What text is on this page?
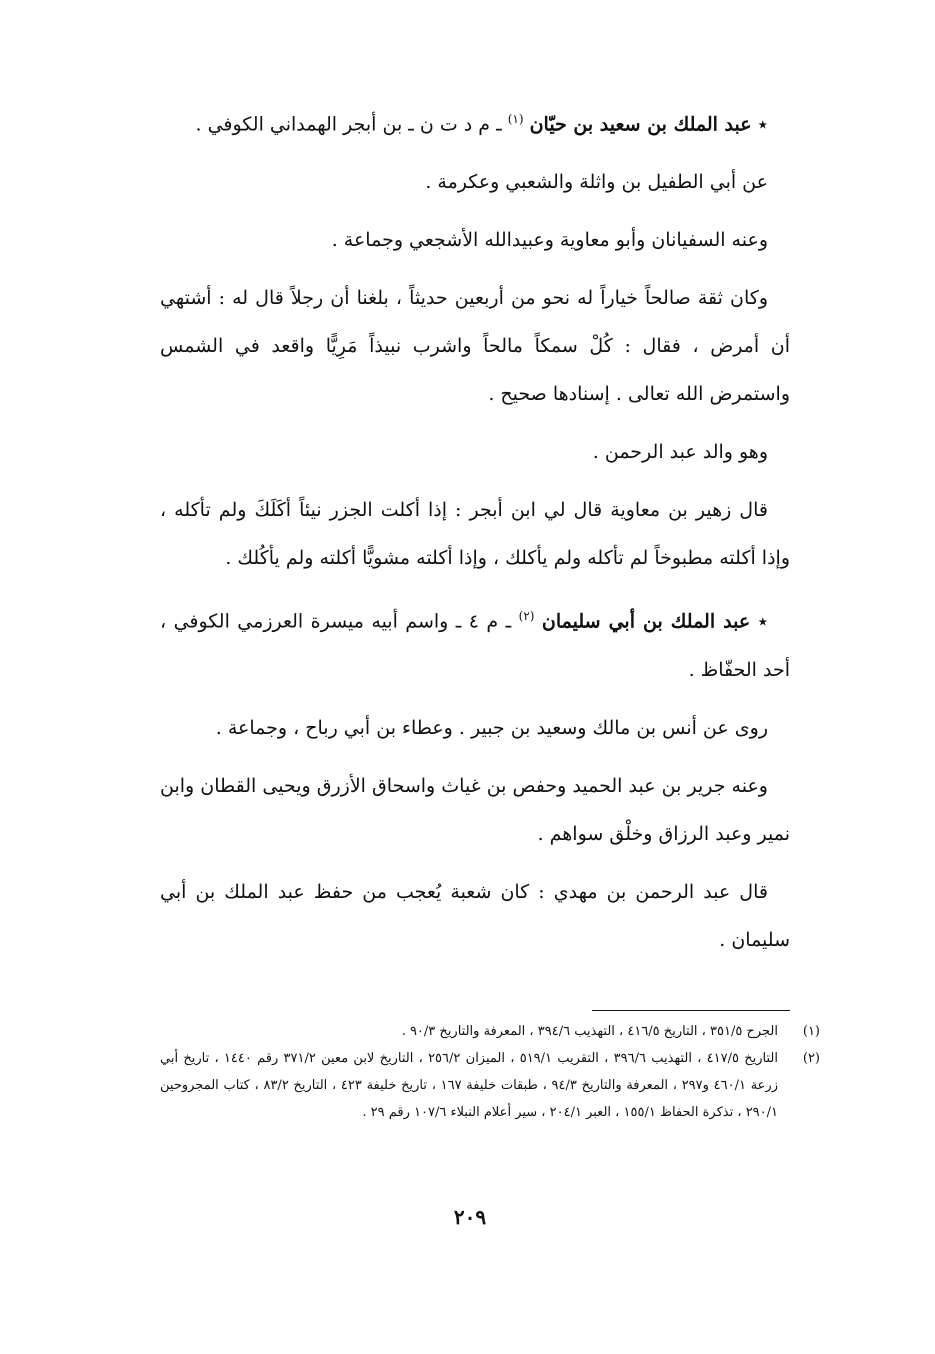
٭ عبد الملك بن سعيد بن حيّان $^{(١)}$ ـ م د ت ن ـ بن أبجر الهمداني الكوفي .

عن أبي الطفيل بن واثلة والشعبي وعكرمة .

وعنه السفيانان وأبو معاوية وعبيدالله الأشجعي وجماعة .

وكان ثقة صالحاً خياراً له نحو من أربعين حديثاً ، بلغنا أن رجلاً قال له : أشتهي أن أمرض ، فقال : كُلْ سمكاً مالحاً واشرب نبيذاً مَرِيًّا واقعد في الشمس واستمرض الله تعالى . إسنادها صحيح .

وهو والد عبد الرحمن .

قال زهير بن معاوية قال لي ابن أبجر : إذا أكلت الجزر نيئاً أكَلَكَ ولم تأكله ، وإذا أكلته مطبوخاً لم تأكله ولم يأكلك ، وإذا أكلته مشويًّا أكلته ولم يأكُلك .

٭ عبد الملك بن أبي سليمان $^{(٢)}$ ـ م ٤ ـ واسم أبيه ميسرة العرزمي الكوفي ، أحد الحفّاظ .

روى عن أنس بن مالك وسعيد بن جبير . وعطاء بن أبي رباح ، وجماعة .

وعنه جرير بن عبد الحميد وحفص بن غياث واسحاق الأزرق ويحيى القطان وابن نمير وعبد الرزاق وخلْق سواهم .

قال عبد الرحمن بن مهدي : كان شعبة يُعجب من حفظ عبد الملك بن أبي سليمان .

(١)
الجرح ٣٥١/٥ ، التاريخ ٤١٦/٥ ، التهذيب ٣٩٤/٦ ، المعرفة والتاريخ ٩٠/٣ .
(٢)
التاريخ ٤١٧/٥ ، التهذيب ٣٩٦/٦ ، التقريب ٥١٩/١ ، الميزان ٢٥٦/٢ ، التاريخ لابن معين ٣٧١/٢ رقم ١٤٤٠ ، تاريخ أبي زرعة ٤٦٠/١ و٢٩٧ ، المعرفة والتاريخ ٩٤/٣ ، طبقات خليفة ١٦٧ ، تاريخ خليفة ٤٢٣ ، التاريخ ٨٣/٢ ، كتاب المجروحين ٢٩٠/١ ، تذكرة الحفاظ ١٥٥/١ ، العبر ٢٠٤/١ ، سير أعلام النبلاء ١٠٧/٦ رقم ٢٩ .
٢٠٩
